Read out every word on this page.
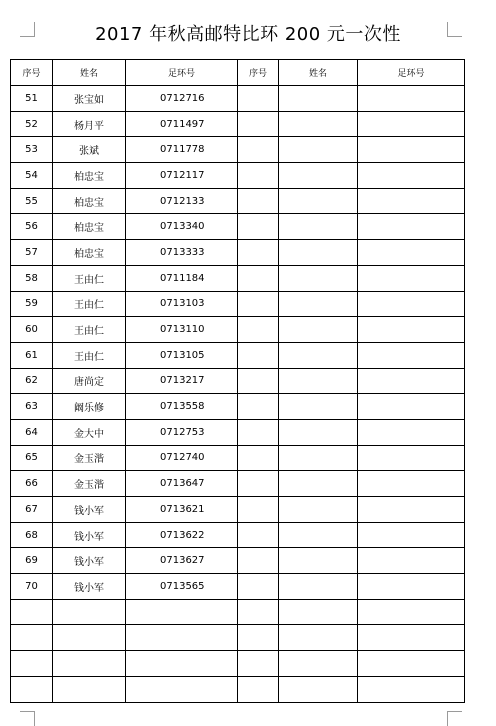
2017 年秋高邮特比环 200 元一次性
序号	姓名	足环号	序号	姓名	足环号
51	张宝如	0712716			
52	杨月平	0711497			
53	张斌	0711778			
54	柏忠宝	0712117			
55	柏忠宝	0712133			
56	柏忠宝	0713340			
57	柏忠宝	0713333			
58	王由仁	0711184			
59	王由仁	0713103			
60	王由仁	0713110			
61	王由仁	0713105			
62	唐尚定	0713217			
63	阚乐修	0713558			
64	金大中	0712753			
65	金玉湝	0712740			
66	金玉湝	0713647			
67	钱小军	0713621			
68	钱小军	0713622			
69	钱小军	0713627			
70	钱小军	0713565			
